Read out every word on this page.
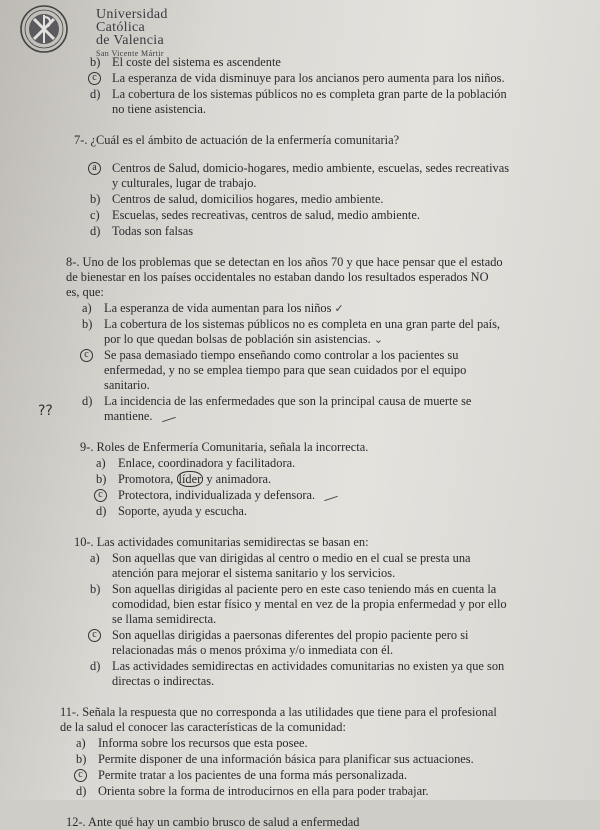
Universidad
Católica
de Valencia
San Vicente Mártir
??
b) El coste del sistema es ascendente
c	La esperanza de vida disminuye para los ancianos pero aumenta para los niños.
d) La cobertura de los sistemas públicos no es completa gran parte de la población
no tiene asistencia.
7-. ¿Cuál es el ámbito de actuación de la enfermería comunitaria?
a	Centros de Salud, domicio-hogares, medio ambiente, escuelas, sedes recreativas
y culturales, lugar de trabajo.
b) Centros de salud, domicilios hogares, medio ambiente.
c) Escuelas, sedes recreativas, centros de salud, medio ambiente.
d) Todas son falsas
8-. Uno de los problemas que se detectan en los años 70 y que hace pensar que el estado
de bienestar en los países occidentales no estaban dando los resultados esperados NO
es, que:
a) La esperanza de vida aumentan para los niños ✓
b) La cobertura de los sistemas públicos no es completa en una gran parte del país,
por lo que quedan bolsas de población sin asistencias. ⌄
c	Se pasa demasiado tiempo enseñando como controlar a los pacientes su
enfermedad, y no se emplea tiempo para que sean cuidados por el equipo
sanitario.
d) La incidencia de las enfermedades que son la principal causa de muerte se
mantiene.
9-. Roles de Enfermería Comunitaria, señala la incorrecta.
a) Enlace, coordinadora y facilitadora.
b) Promotora, líder y animadora.
c	Protectora, individualizada y defensora.
d) Soporte, ayuda y escucha.
10-. Las actividades comunitarias semidirectas se basan en:
a) Son aquellas que van dirigidas al centro o medio en el cual se presta una
atención para mejorar el sistema sanitario y los servicios.
b) Son aquellas dirigidas al paciente pero en este caso teniendo más en cuenta la
comodidad, bien estar físico y mental en vez de la propia enfermedad y por ello
se llama semidirecta.
c	Son aquellas dirigidas a paersonas diferentes del propio paciente pero si
relacionadas más o menos próxima y/o inmediata con él.
d) Las actividades semidirectas en actividades comunitarias no existen ya que son
directas o indirectas.
11-. Señala la respuesta que no corresponda a las utilidades que tiene para el profesional
de la salud el conocer las características de la comunidad:
a) Informa sobre los recursos que esta posee.
b) Permite disponer de una información básica para planificar sus actuaciones.
c	Permite tratar a los pacientes de una forma más personalizada.
d) Orienta sobre la forma de introducirnos en ella para poder trabajar.
12-. Ante qué hay un cambio brusco de salud a enfermedad
